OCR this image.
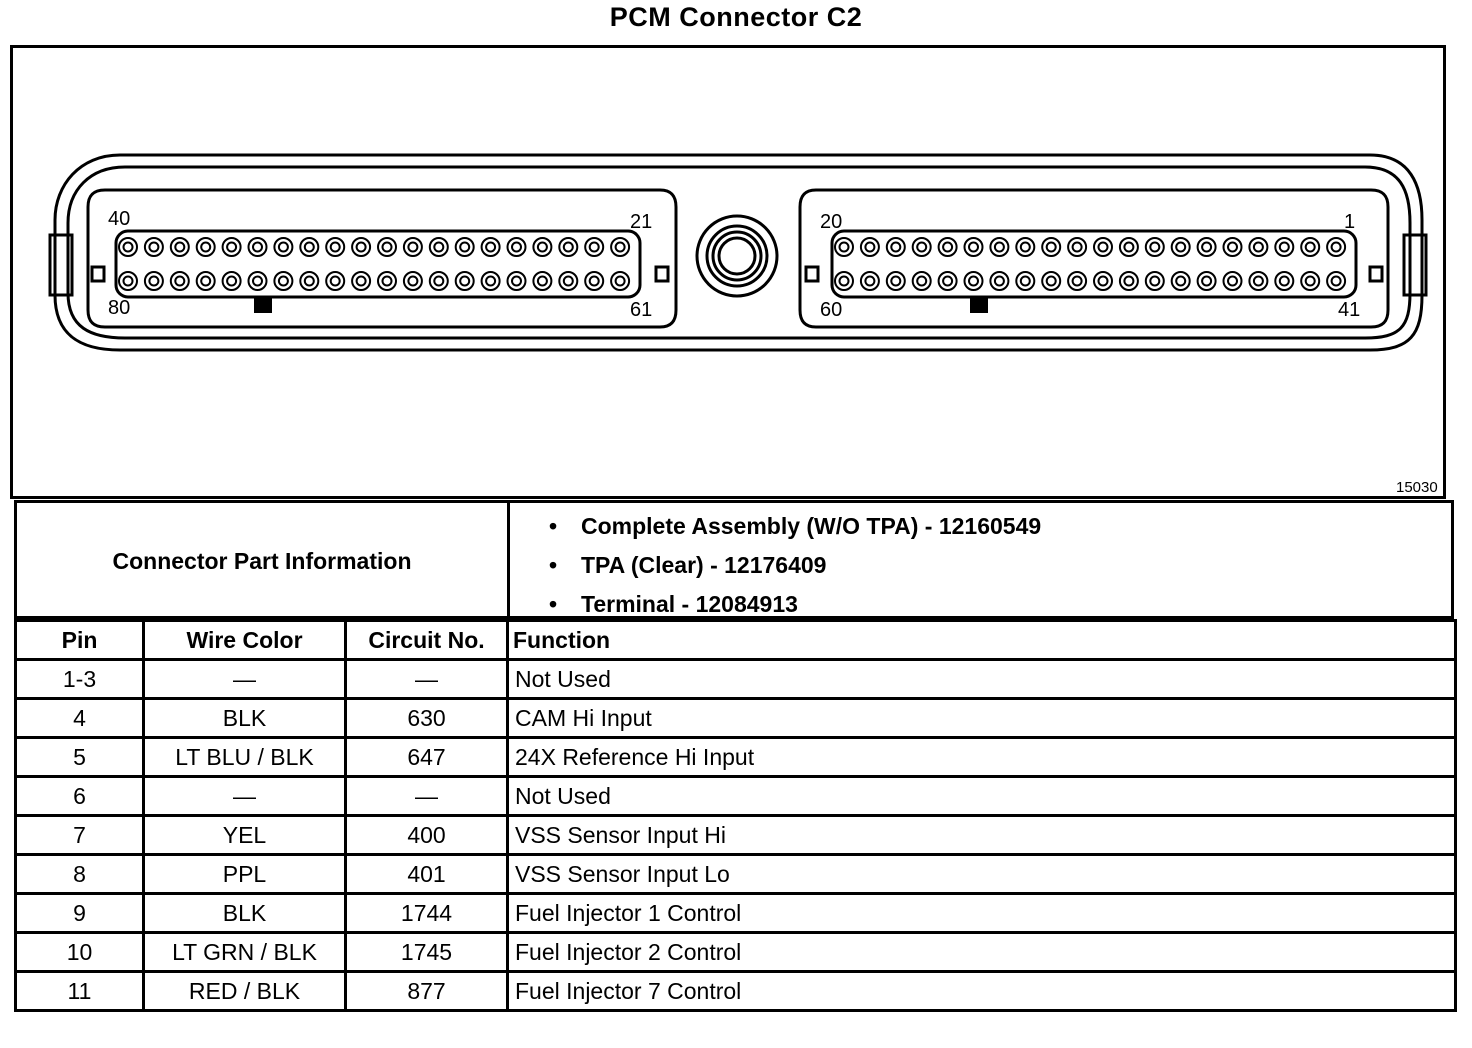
PCM Connector C2
40	21
80	61
20	1
60	41
15030
Connector Part Information
• Complete Assembly (W/O TPA) - 12160549
• TPA (Clear) - 12176409
• Terminal - 12084913
Pin	Wire Color	Circuit No.	Function
1-3	—	—	Not Used
4	BLK	630	CAM Hi Input
5	LT BLU / BLK	647	24X Reference Hi Input
6	—	—	Not Used
7	YEL	400	VSS Sensor Input Hi
8	PPL	401	VSS Sensor Input Lo
9	BLK	1744	Fuel Injector 1 Control
10	LT GRN / BLK	1745	Fuel Injector 2 Control
11	RED / BLK	877	Fuel Injector 7 Control
